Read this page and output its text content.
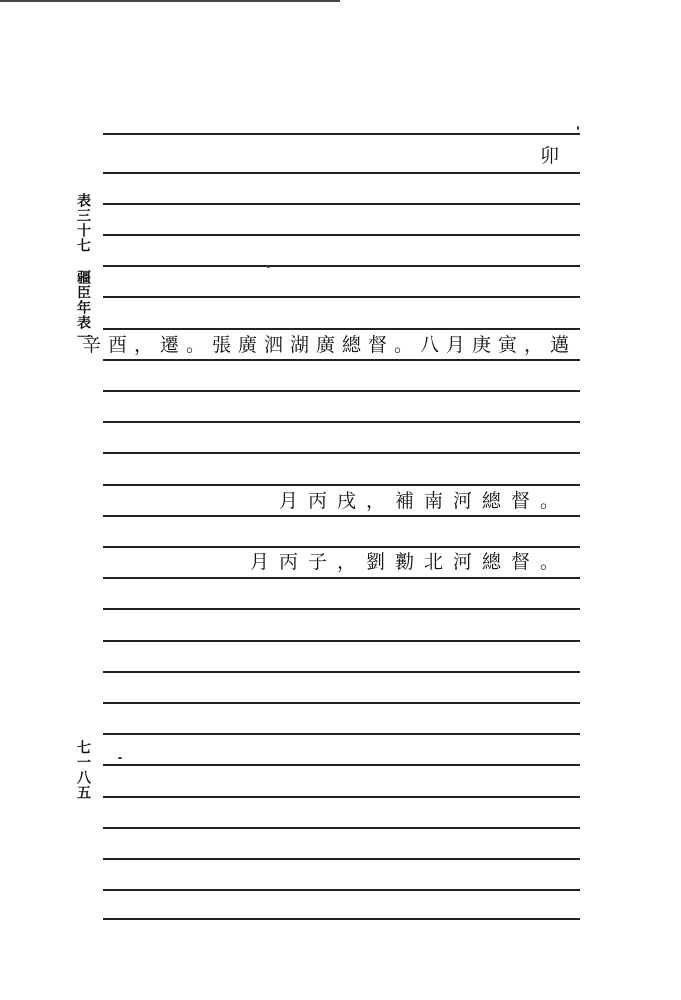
表三十七 疆臣年表一
七一八五
卯
辛酉，遷。張廣泗湖廣總督。八月庚寅，邁
月丙戌，補南河總督。
月丙子，劉勷北河總督。
